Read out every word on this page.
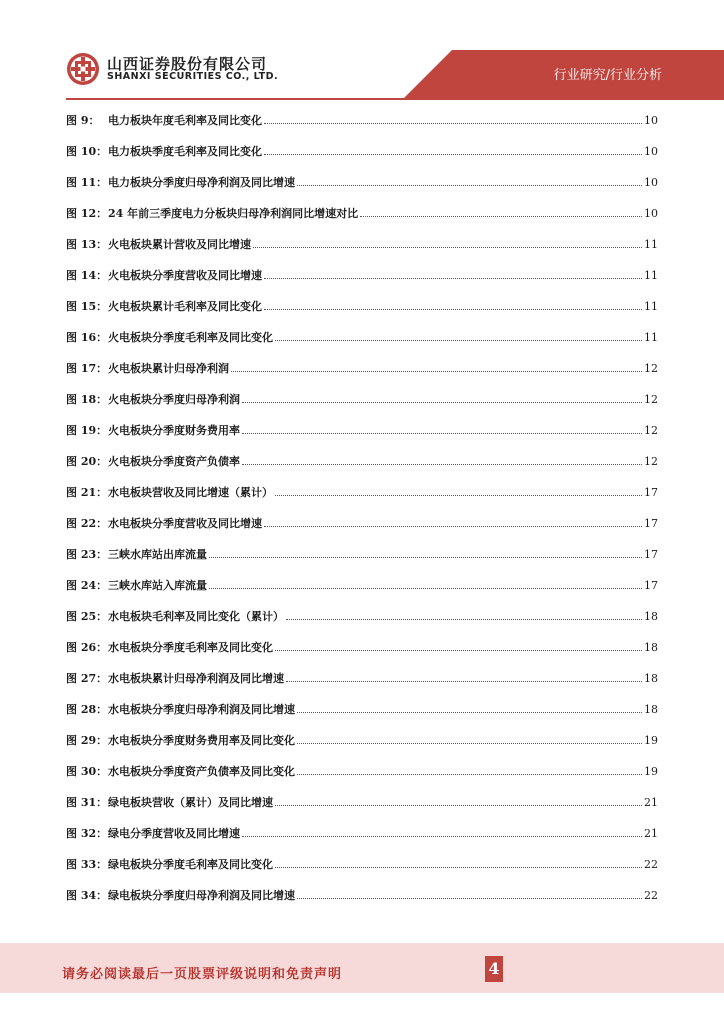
山西证券股份有限公司
SHANXI SECURITIES CO., LTD.	行业研究/行业分析
图 9： 电力板块年度毛利率及同比变化	10
图 10： 电力板块季度毛利率及同比变化	10
图 11： 电力板块分季度归母净利润及同比增速	10
图 12： 24 年前三季度电力分板块归母净利润同比增速对比	10
图 13： 火电板块累计营收及同比增速	11
图 14： 火电板块分季度营收及同比增速	11
图 15： 火电板块累计毛利率及同比变化	11
图 16： 火电板块分季度毛利率及同比变化	11
图 17： 火电板块累计归母净利润	12
图 18： 火电板块分季度归母净利润	12
图 19： 火电板块分季度财务费用率	12
图 20： 火电板块分季度资产负债率	12
图 21： 水电板块营收及同比增速（累计）	17
图 22： 水电板块分季度营收及同比增速	17
图 23： 三峡水库站出库流量	17
图 24： 三峡水库站入库流量	17
图 25： 水电板块毛利率及同比变化（累计）	18
图 26： 水电板块分季度毛利率及同比变化	18
图 27： 水电板块累计归母净利润及同比增速	18
图 28： 水电板块分季度归母净利润及同比增速	18
图 29： 水电板块分季度财务费用率及同比变化	19
图 30： 水电板块分季度资产负债率及同比变化	19
图 31： 绿电板块营收（累计）及同比增速	21
图 32： 绿电分季度营收及同比增速	21
图 33： 绿电板块分季度毛利率及同比变化	22
图 34： 绿电板块分季度归母净利润及同比增速	22
请务必阅读最后一页股票评级说明和免责声明	4
